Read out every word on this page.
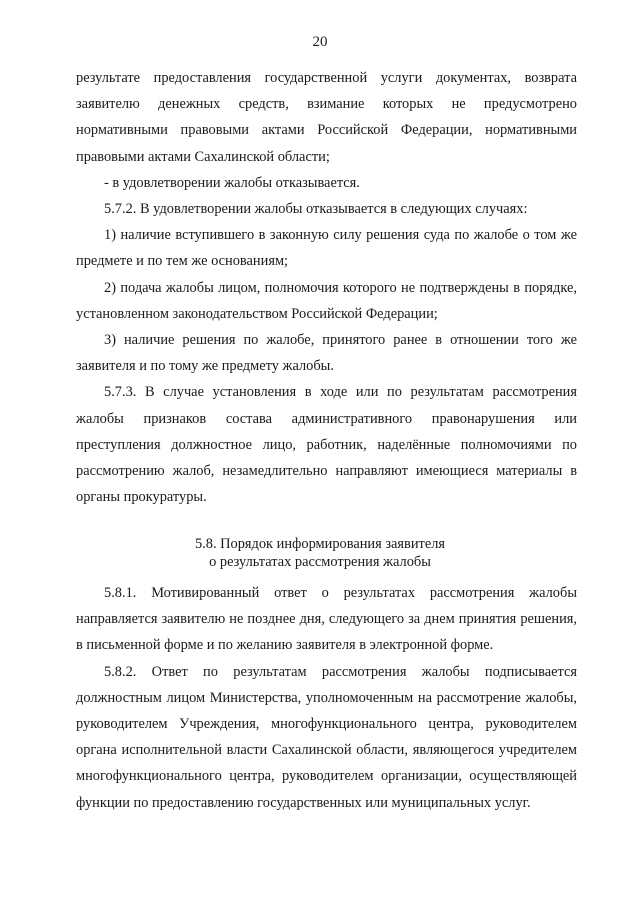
20

результате предоставления государственной услуги документах, возврата заявителю денежных средств, взимание которых не предусмотрено нормативными правовыми актами Российской Федерации, нормативными правовыми актами Сахалинской области;

- в удовлетворении жалобы отказывается.

5.7.2. В удовлетворении жалобы отказывается в следующих случаях:

1) наличие вступившего в законную силу решения суда по жалобе о том же предмете и по тем же основаниям;

2) подача жалобы лицом, полномочия которого не подтверждены в порядке, установленном законодательством Российской Федерации;

3) наличие решения по жалобе, принятого ранее в отношении того же заявителя и по тому же предмету жалобы.

5.7.3. В случае установления в ходе или по результатам рассмотрения жалобы признаков состава административного правонарушения или преступления должностное лицо, работник, наделённые полномочиями по рассмотрению жалоб, незамедлительно направляют имеющиеся материалы в органы прокуратуры.

5.8. Порядок информирования заявителя
о результатах рассмотрения жалобы

5.8.1. Мотивированный ответ о результатах рассмотрения жалобы направляется заявителю не позднее дня, следующего за днем принятия решения, в письменной форме и по желанию заявителя в электронной форме.

5.8.2. Ответ по результатам рассмотрения жалобы подписывается должностным лицом Министерства, уполномоченным на рассмотрение жалобы, руководителем Учреждения, многофункционального центра, руководителем органа исполнительной власти Сахалинской области, являющегося учредителем многофункционального центра, руководителем организации, осуществляющей функции по предоставлению государственных или муниципальных услуг.
